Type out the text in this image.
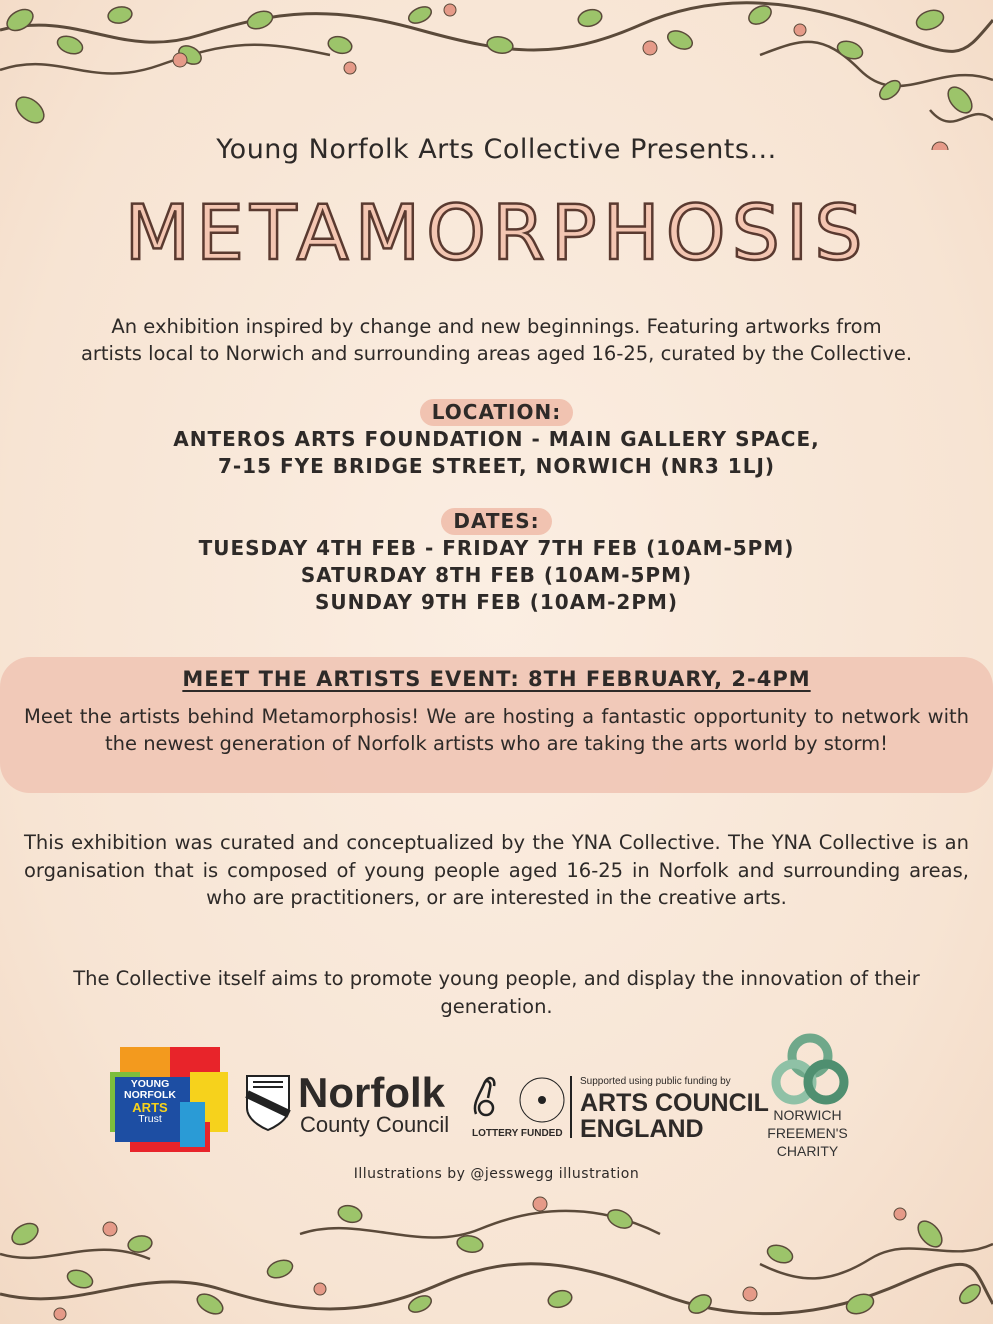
Young Norfolk Arts Collective Presents...
METAMORPHOSIS
An exhibition inspired by change and new beginnings. Featuring artworks from
artists local to Norwich and surrounding areas aged 16-25, curated by the Collective.
LOCATION:
ANTEROS ARTS FOUNDATION - MAIN GALLERY SPACE,
7-15 FYE BRIDGE STREET, NORWICH (NR3 1LJ)
DATES:
TUESDAY 4TH FEB - FRIDAY 7TH FEB (10AM-5PM)
SATURDAY 8TH FEB (10AM-5PM)
SUNDAY 9TH FEB (10AM-2PM)
MEET THE ARTISTS EVENT: 8TH FEBRUARY, 2-4PM
Meet the artists behind Metamorphosis! We are hosting a fantastic opportunity to network with the newest generation of Norfolk artists who are taking the arts world by storm!
This exhibition was curated and conceptualized by the YNA Collective. The YNA Collective is an organisation that is composed of young people aged 16-25 in Norfolk and surrounding areas, who are practitioners, or are interested in the creative arts.
The Collective itself aims to promote young people, and display the innovation of their generation.
YOUNG
NORFOLK
ARTS
Trust
Norfolk
County Council LOTTERY FUNDED
Supported using public funding by
ARTS COUNCIL
ENGLAND	NORWICH
FREEMEN'S
CHARITY
Illustrations by @jesswegg illustration
